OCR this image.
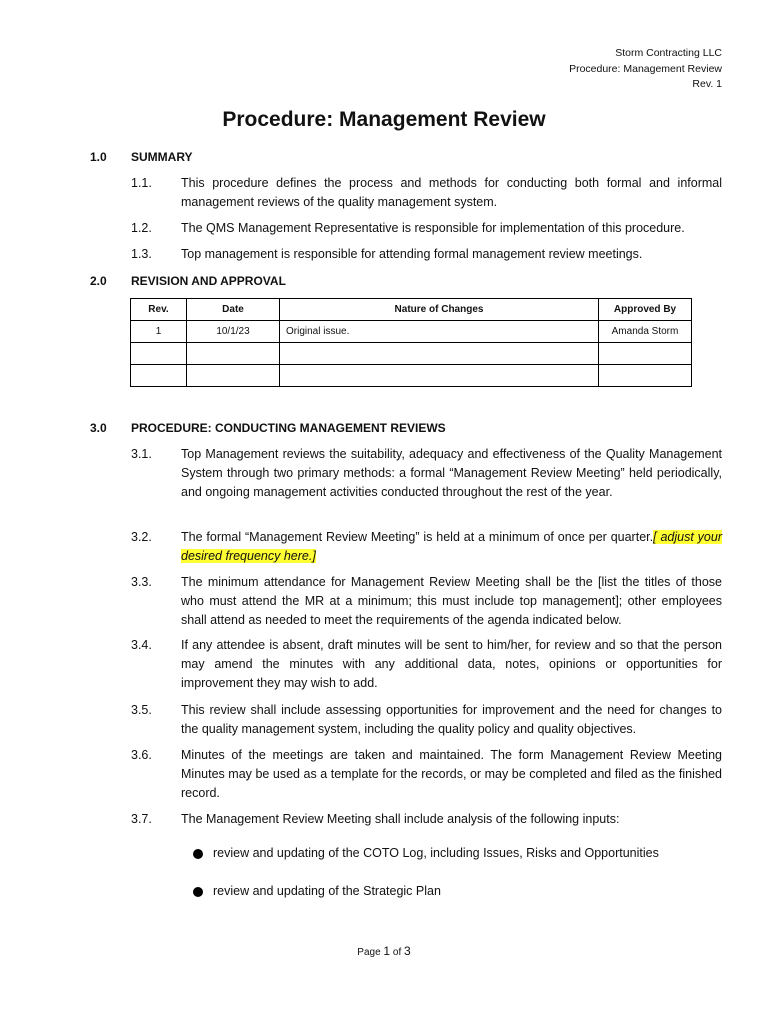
Storm Contracting LLC
Procedure: Management Review
Rev. 1
Procedure: Management Review
1.0 SUMMARY
1.1. This procedure defines the process and methods for conducting both formal and informal management reviews of the quality management system.
1.2. The QMS Management Representative is responsible for implementation of this procedure.
1.3. Top management is responsible for attending formal management review meetings.
2.0 REVISION AND APPROVAL
Rev.	Date	Nature of Changes	Approved By
1	10/1/23	Original issue.	Amanda Storm

3.0 PROCEDURE: CONDUCTING MANAGEMENT REVIEWS
3.1. Top Management reviews the suitability, adequacy and effectiveness of the Quality Management System through two primary methods: a formal “Management Review Meeting” held periodically, and ongoing management activities conducted throughout the rest of the year.
3.2. The formal “Management Review Meeting” is held at a minimum of once per quarter.[ adjust your desired frequency here.]
3.3. The minimum attendance for Management Review Meeting shall be the [list the titles of those who must attend the MR at a minimum; this must include top management]; other employees shall attend as needed to meet the requirements of the agenda indicated below.
3.4. If any attendee is absent, draft minutes will be sent to him/her, for review and so that the person may amend the minutes with any additional data, notes, opinions or opportunities for improvement they may wish to add.
3.5. This review shall include assessing opportunities for improvement and the need for changes to the quality management system, including the quality policy and quality objectives.
3.6. Minutes of the meetings are taken and maintained. The form Management Review Meeting Minutes may be used as a template for the records, or may be completed and filed as the finished record.
3.7. The Management Review Meeting shall include analysis of the following inputs:
review and updating of the COTO Log, including Issues, Risks and Opportunities
review and updating of the Strategic Plan
Page 1 of 3
